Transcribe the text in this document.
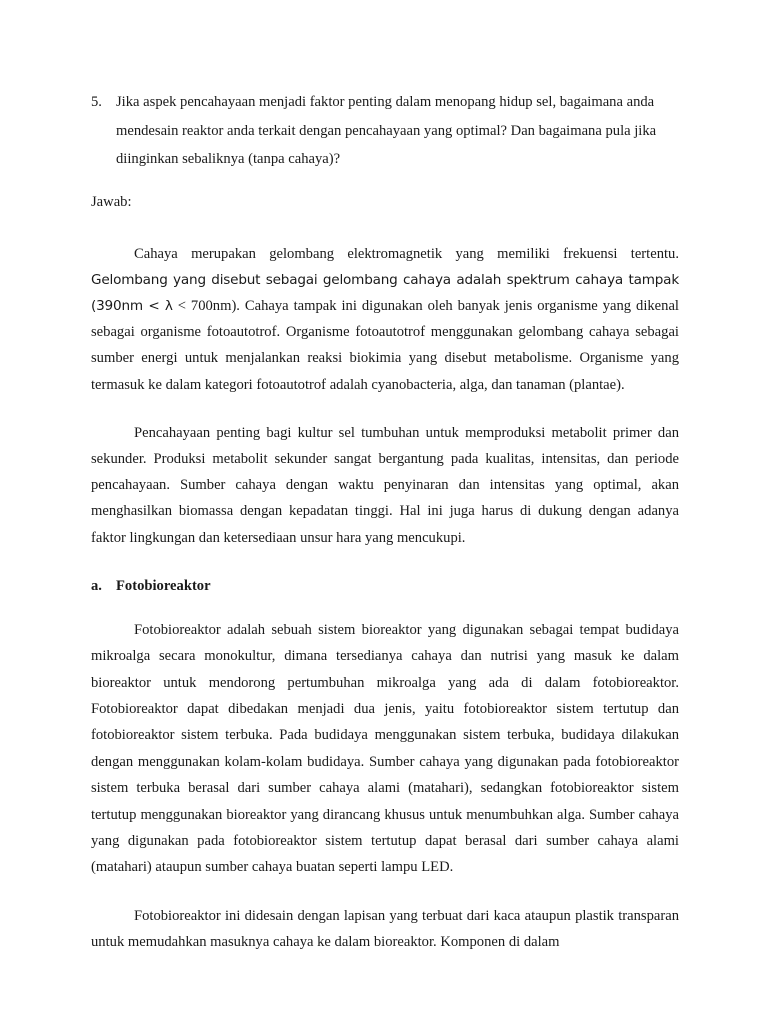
5. Jika aspek pencahayaan menjadi faktor penting dalam menopang hidup sel, bagaimana anda mendesain reaktor anda terkait dengan pencahayaan yang optimal? Dan bagaimana pula jika diinginkan sebaliknya (tanpa cahaya)?
Jawab:

Cahaya merupakan gelombang elektromagnetik yang memiliki frekuensi tertentu. Gelombang yang disebut sebagai gelombang cahaya adalah spektrum cahaya tampak (390nm < λ < 700nm). Cahaya tampak ini digunakan oleh banyak jenis organisme yang dikenal sebagai organisme fotoautotrof. Organisme fotoautotrof menggunakan gelombang cahaya sebagai sumber energi untuk menjalankan reaksi biokimia yang disebut metabolisme. Organisme yang termasuk ke dalam kategori fotoautotrof adalah cyanobacteria, alga, dan tanaman (plantae).

Pencahayaan penting bagi kultur sel tumbuhan untuk memproduksi metabolit primer dan sekunder. Produksi metabolit sekunder sangat bergantung pada kualitas, intensitas, dan periode pencahayaan. Sumber cahaya dengan waktu penyinaran dan intensitas yang optimal, akan menghasilkan biomassa dengan kepadatan tinggi. Hal ini juga harus di dukung dengan adanya faktor lingkungan dan ketersediaan unsur hara yang mencukupi.

a. Fotobioreaktor

Fotobioreaktor adalah sebuah sistem bioreaktor yang digunakan sebagai tempat budidaya mikroalga secara monokultur, dimana tersedianya cahaya dan nutrisi yang masuk ke dalam bioreaktor untuk mendorong pertumbuhan mikroalga yang ada di dalam fotobioreaktor. Fotobioreaktor dapat dibedakan menjadi dua jenis, yaitu fotobioreaktor sistem tertutup dan fotobioreaktor sistem terbuka. Pada budidaya menggunakan sistem terbuka, budidaya dilakukan dengan menggunakan kolam-kolam budidaya. Sumber cahaya yang digunakan pada fotobioreaktor sistem terbuka berasal dari sumber cahaya alami (matahari), sedangkan fotobioreaktor sistem tertutup menggunakan bioreaktor yang dirancang khusus untuk menumbuhkan alga. Sumber cahaya yang digunakan pada fotobioreaktor sistem tertutup dapat berasal dari sumber cahaya alami (matahari) ataupun sumber cahaya buatan seperti lampu LED.

Fotobioreaktor ini didesain dengan lapisan yang terbuat dari kaca ataupun plastik transparan untuk memudahkan masuknya cahaya ke dalam bioreaktor. Komponen di dalam
